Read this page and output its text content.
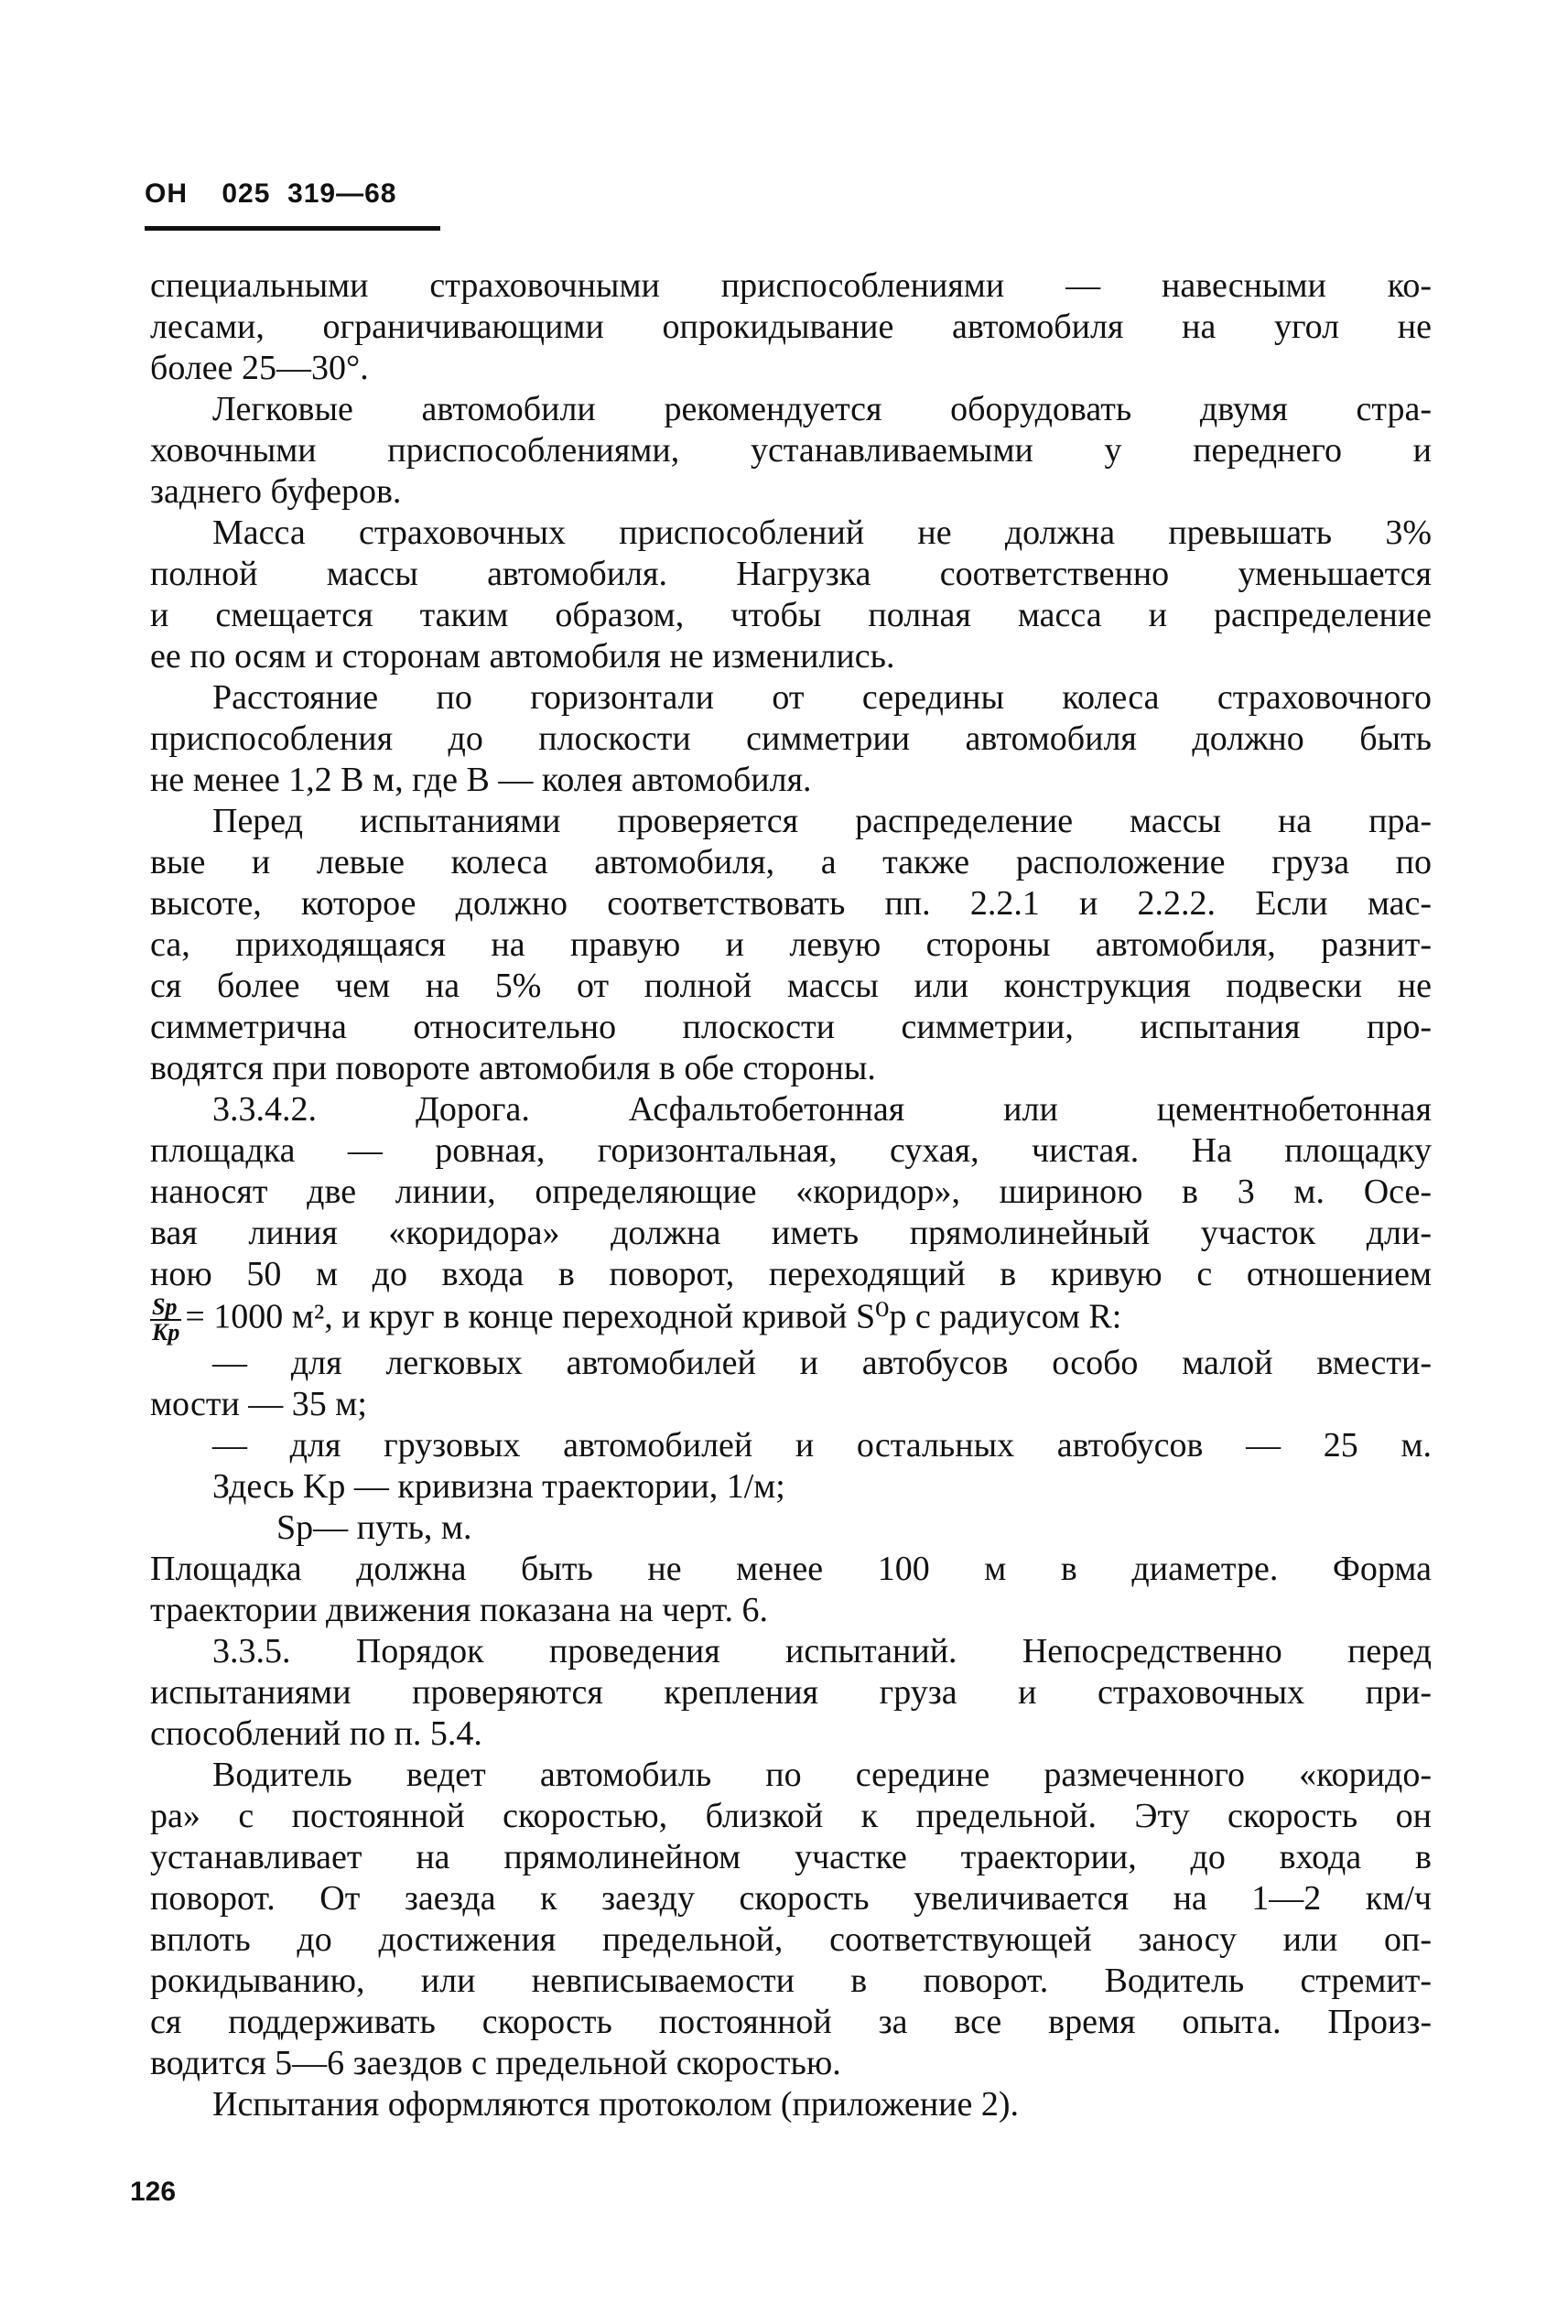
ОН    025  319—68
специальными страховочными приспособлениями — навесными ко-
лесами, ограничивающими опрокидывание автомобиля на угол не
более 25—30°.
Легковые автомобили рекомендуется оборудовать двумя стра-
ховочными приспособлениями, устанавливаемыми у переднего и
заднего буферов.
Масса страховочных приспособлений не должна превышать 3%
полной массы автомобиля. Нагрузка соответственно уменьшается
и смещается таким образом, чтобы полная масса и распределение
ее по осям и сторонам автомобиля не изменились.
Расстояние по горизонтали от середины колеса страховочного
приспособления до плоскости симметрии автомобиля должно быть
не менее 1,2 В м, где В — колея автомобиля.
Перед испытаниями проверяется распределение массы на пра-
вые и левые колеса автомобиля, а также расположение груза по
высоте, которое должно соответствовать пп. 2.2.1 и 2.2.2. Если мас-
са, приходящаяся на правую и левую стороны автомобиля, разнит-
ся более чем на 5% от полной массы или конструкция подвески не
симметрична относительно плоскости симметрии, испытания про-
водятся при повороте автомобиля в обе стороны.
3.3.4.2. Дорога. Асфальтобетонная или цементнобетонная
площадка — ровная, горизонтальная, сухая, чистая. На площадку
наносят две линии, определяющие «коридор», шириною в 3 м. Осе-
вая линия «коридора» должна иметь прямолинейный участок дли-
ною 50 м до входа в поворот, переходящий в кривую с отношением
$\frac{Sр}{Kр} = 1000$ м², и круг в конце переходной кривой S⁰р с радиусом R:
— для легковых автомобилей и автобусов особо малой вмести-
мости — 35 м;
— для грузовых автомобилей и остальных автобусов — 25 м.
Здесь Kр — кривизна траектории, 1/м;
Sр— путь, м.
Площадка должна быть не менее 100 м в диаметре. Форма
траектории движения показана на черт. 6.
3.3.5. Порядок проведения испытаний. Непосредственно перед
испытаниями проверяются крепления груза и страховочных при-
способлений по п. 5.4.
Водитель ведет автомобиль по середине размеченного «коридо-
ра» с постоянной скоростью, близкой к предельной. Эту скорость он
устанавливает на прямолинейном участке траектории, до входа в
поворот. От заезда к заезду скорость увеличивается на 1—2 км/ч
вплоть до достижения предельной, соответствующей заносу или оп-
рокидыванию, или невписываемости в поворот. Водитель стремит-
ся поддерживать скорость постоянной за все время опыта. Произ-
водится 5—6 заездов с предельной скоростью.
Испытания оформляются протоколом (приложение 2).
126
